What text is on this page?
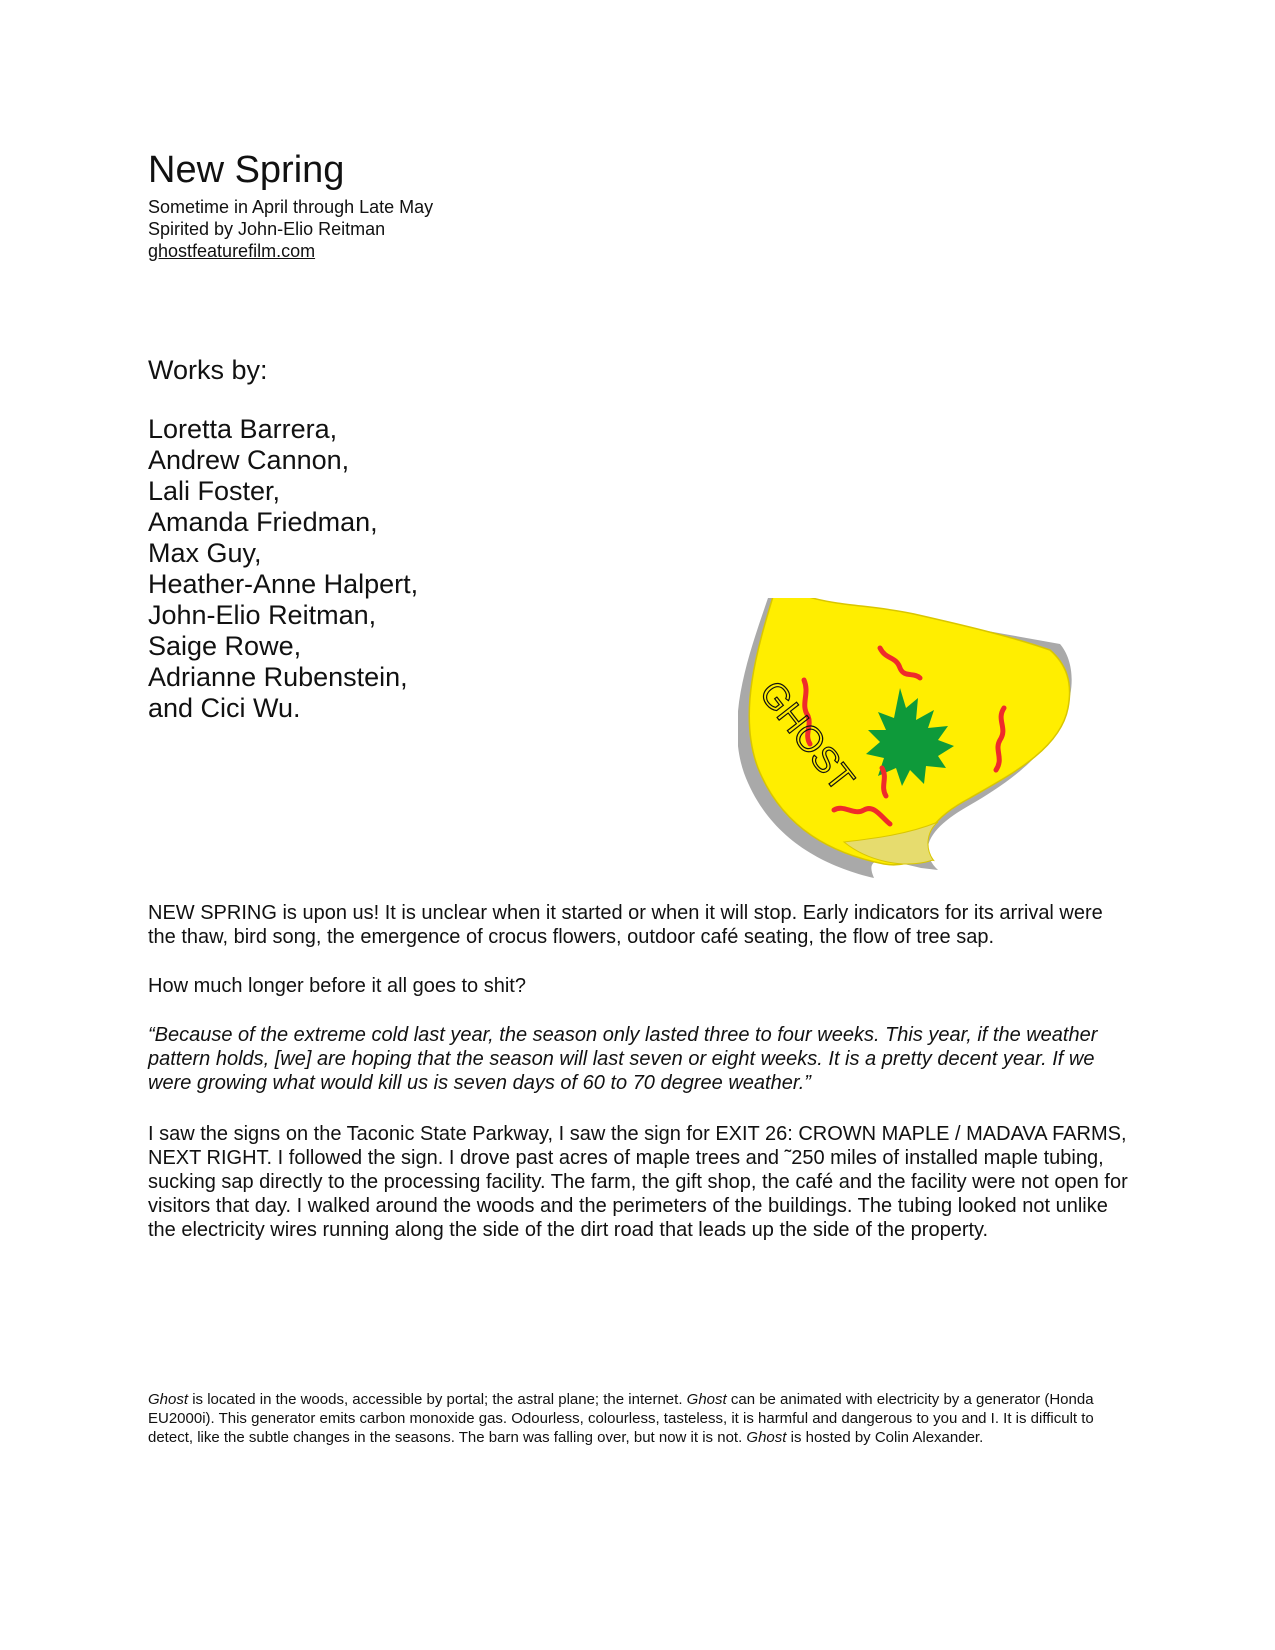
New Spring
Sometime in April through Late May
Spirited by John-Elio Reitman
ghostfeaturefilm.com
Works by:
Loretta Barrera,
Andrew Cannon,
Lali Foster,
Amanda Friedman,
Max Guy,
Heather-Anne Halpert,
John-Elio Reitman,
Saige Rowe,
Adrianne Rubenstein,
and Cici Wu.	GHOST

NEW SPRING is upon us! It is unclear when it started or when it will stop. Early indicators for its arrival were the thaw, bird song, the emergence of crocus flowers, outdoor café seating, the flow of tree sap.

How much longer before it all goes to shit?

“Because of the extreme cold last year, the season only lasted three to four weeks. This year, if the weather pattern holds, [we] are hoping that the season will last seven or eight weeks. It is a pretty decent year. If we were growing what would kill us is seven days of 60 to 70 degree weather.”

I saw the signs on the Taconic State Parkway, I saw the sign for EXIT 26: CROWN MAPLE / MADAVA FARMS, NEXT RIGHT. I followed the sign. I drove past acres of maple trees and ˜250 miles of installed maple tubing, sucking sap directly to the processing facility. The farm, the gift shop, the café and the facility were not open for visitors that day. I walked around the woods and the perimeters of the buildings. The tubing looked not unlike the electricity wires running along the side of the dirt road that leads up the side of the property.

Ghost is located in the woods, accessible by portal; the astral plane; the internet. Ghost can be animated with electricity by a generator (Honda EU2000i). This generator emits carbon monoxide gas. Odourless, colourless, tasteless, it is harmful and dangerous to you and I. It is difficult to detect, like the subtle changes in the seasons. The barn was falling over, but now it is not. Ghost is hosted by Colin Alexander.
